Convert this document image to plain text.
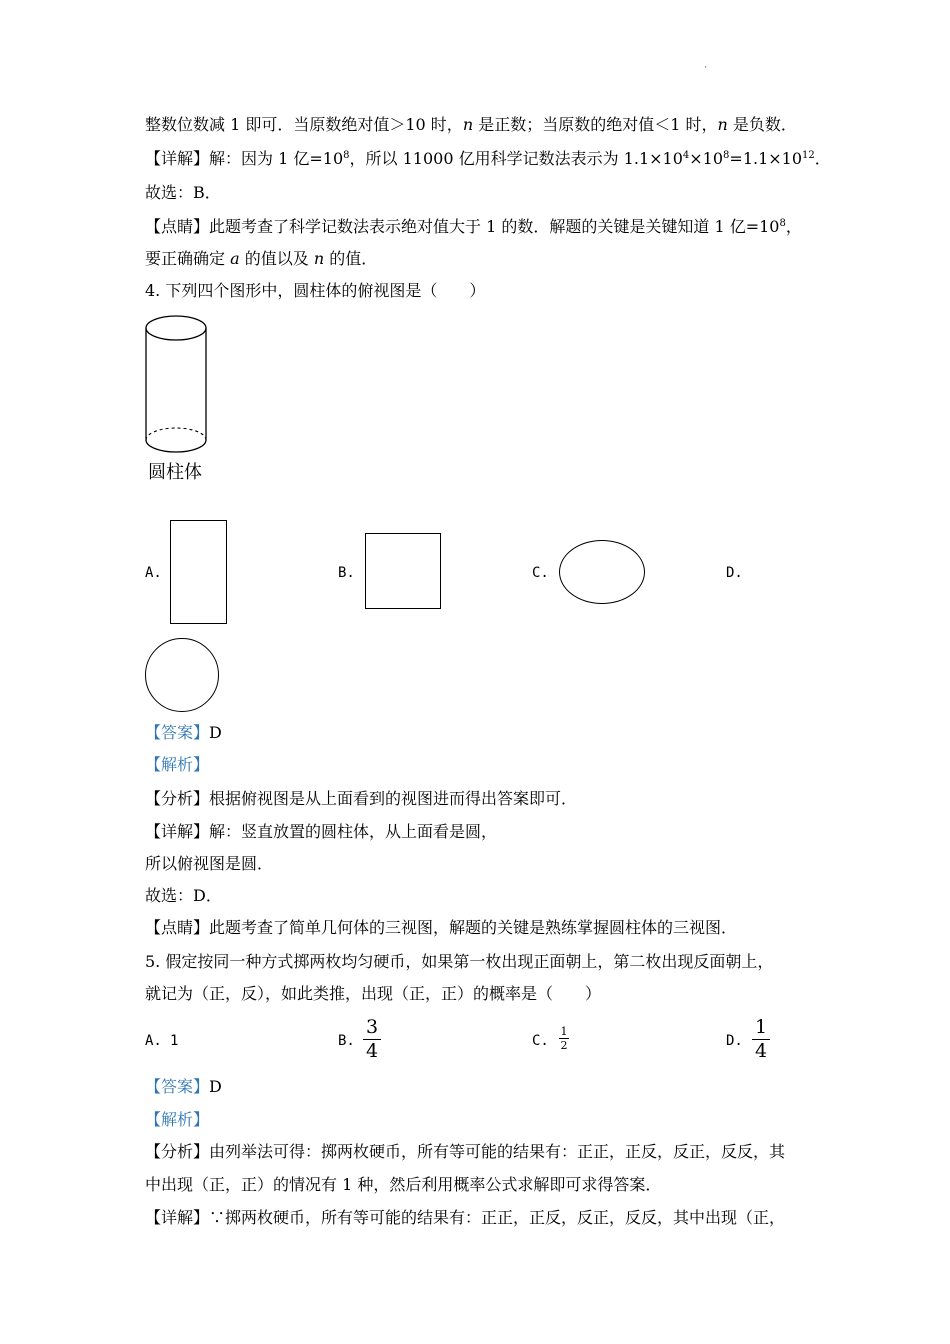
'
整数位数减 1 即可．当原数绝对值＞10 时，n 是正数；当原数的绝对值＜1 时，n 是负数．
【详解】解：因为 1 亿$=10^8$，所以 11000 亿用科学记数法表示为 $1.1\times 10^4\times 10^8=1.1\times 10^{12}$．
故选：B．
【点睛】此题考查了科学记数法表示绝对值大于 1 的数．解题的关键是关键知道 1 亿$=10^8$，
要正确确定 a 的值以及 n 的值．
4. 下列四个图形中，圆柱体的俯视图是（　　）
圆柱体
A.	B.	C.	D.
【答案】D
【解析】
【分析】根据俯视图是从上面看到的视图进而得出答案即可．
【详解】解：竖直放置的圆柱体，从上面看是圆，
所以俯视图是圆．
故选：D．
【点睛】此题考查了简单几何体的三视图，解题的关键是熟练掌握圆柱体的三视图．
5. 假定按同一种方式掷两枚均匀硬币，如果第一枚出现正面朝上，第二枚出现反面朝上，
就记为（正，反），如此类推，出现（正，正）的概率是（　　）
A. 1	B.
3
4	C.
1
2	D.
1
4
【答案】D
【解析】
【分析】由列举法可得：掷两枚硬币，所有等可能的结果有：正正，正反，反正，反反，其
中出现（正，正）的情况有 1 种，然后利用概率公式求解即可求得答案．
【详解】∵掷两枚硬币，所有等可能的结果有：正正，正反，反正，反反，其中出现（正，
